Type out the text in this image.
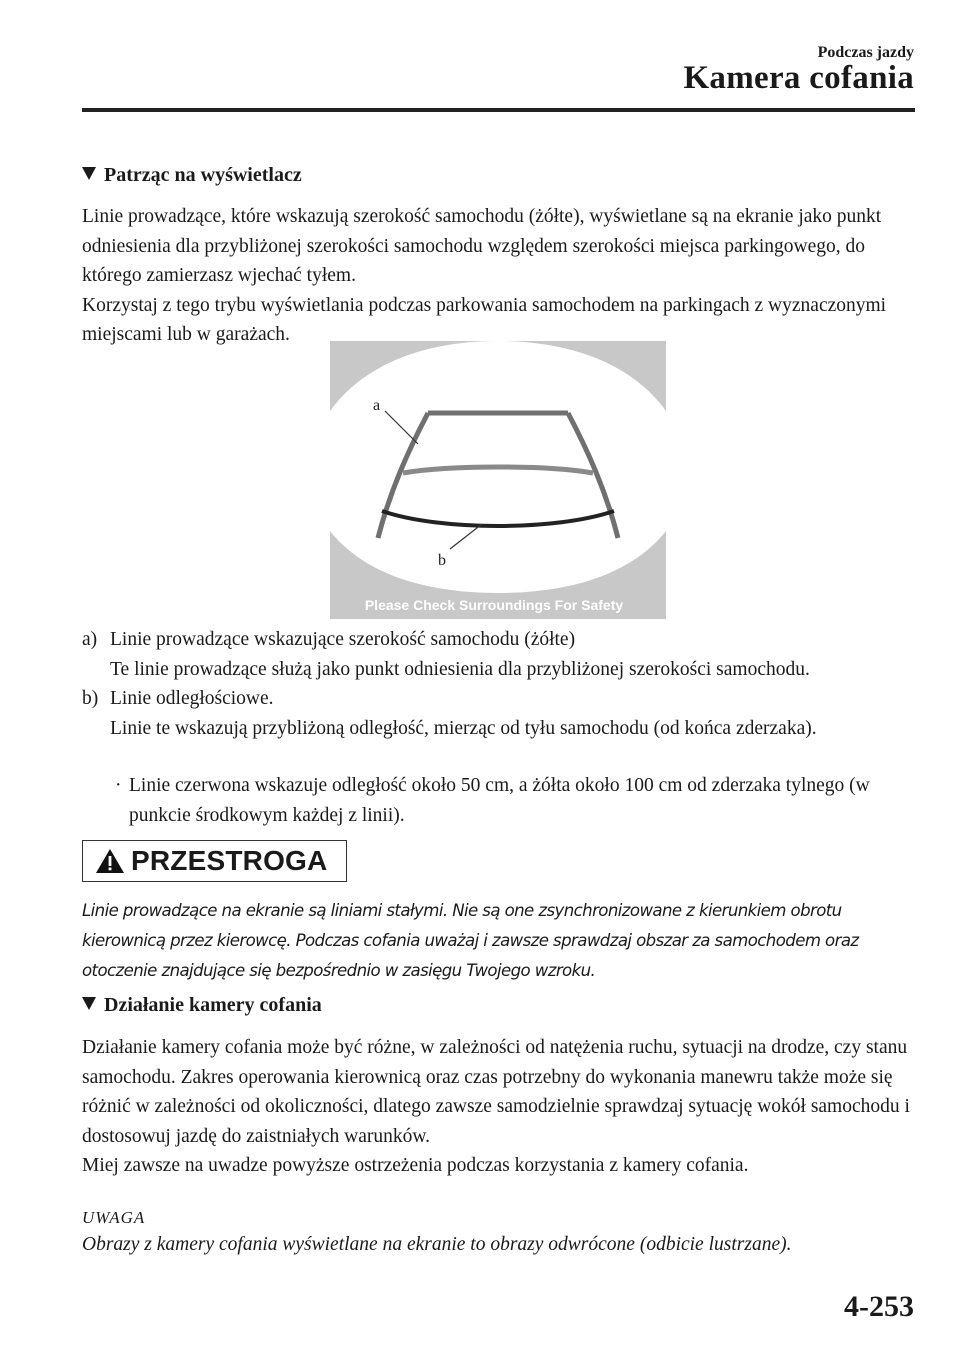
Podczas jazdy
Kamera cofania
Patrząc na wyświetlacz

Linie prowadzące, które wskazują szerokość samochodu (żółte), wyświetlane są na ekranie jako punkt odniesienia dla przybliżonej szerokości samochodu względem szerokości miejsca parkingowego, do którego zamierzasz wjechać tyłem.

Korzystaj z tego trybu wyświetlania podczas parkowania samochodem na parkingach z wyznaczonymi miejscami lub w garażach.

a
b
Please Check Surroundings For Safety
a) Linie prowadzące wskazujące szerokość samochodu (żółte)
Te linie prowadzące służą jako punkt odniesienia dla przybliżonej szerokości samochodu.
b) Linie odległościowe.
Linie te wskazują przybliżoną odległość, mierząc od tyłu samochodu (od końca zderzaka).
· Linie czerwona wskazuje odległość około 50 cm, a żółta około 100 cm od zderzaka tylnego (w punkcie środkowym każdej z linii).
PRZESTROGA
Linie prowadzące na ekranie są liniami stałymi. Nie są one zsynchronizowane z kierunkiem obrotu kierownicą przez kierowcę. Podczas cofania uważaj i zawsze sprawdzaj obszar za samochodem oraz otoczenie znajdujące się bezpośrednio w zasięgu Twojego wzroku.
Działanie kamery cofania

Działanie kamery cofania może być różne, w zależności od natężenia ruchu, sytuacji na drodze, czy stanu samochodu. Zakres operowania kierownicą oraz czas potrzebny do wykonania manewru także może się różnić w zależności od okoliczności, dlatego zawsze samodzielnie sprawdzaj sytuację wokół samochodu i dostosowuj jazdę do zaistniałych warunków.

Miej zawsze na uwadze powyższe ostrzeżenia podczas korzystania z kamery cofania.

UWAGA
Obrazy z kamery cofania wyświetlane na ekranie to obrazy odwrócone (odbicie lustrzane).
4-253
